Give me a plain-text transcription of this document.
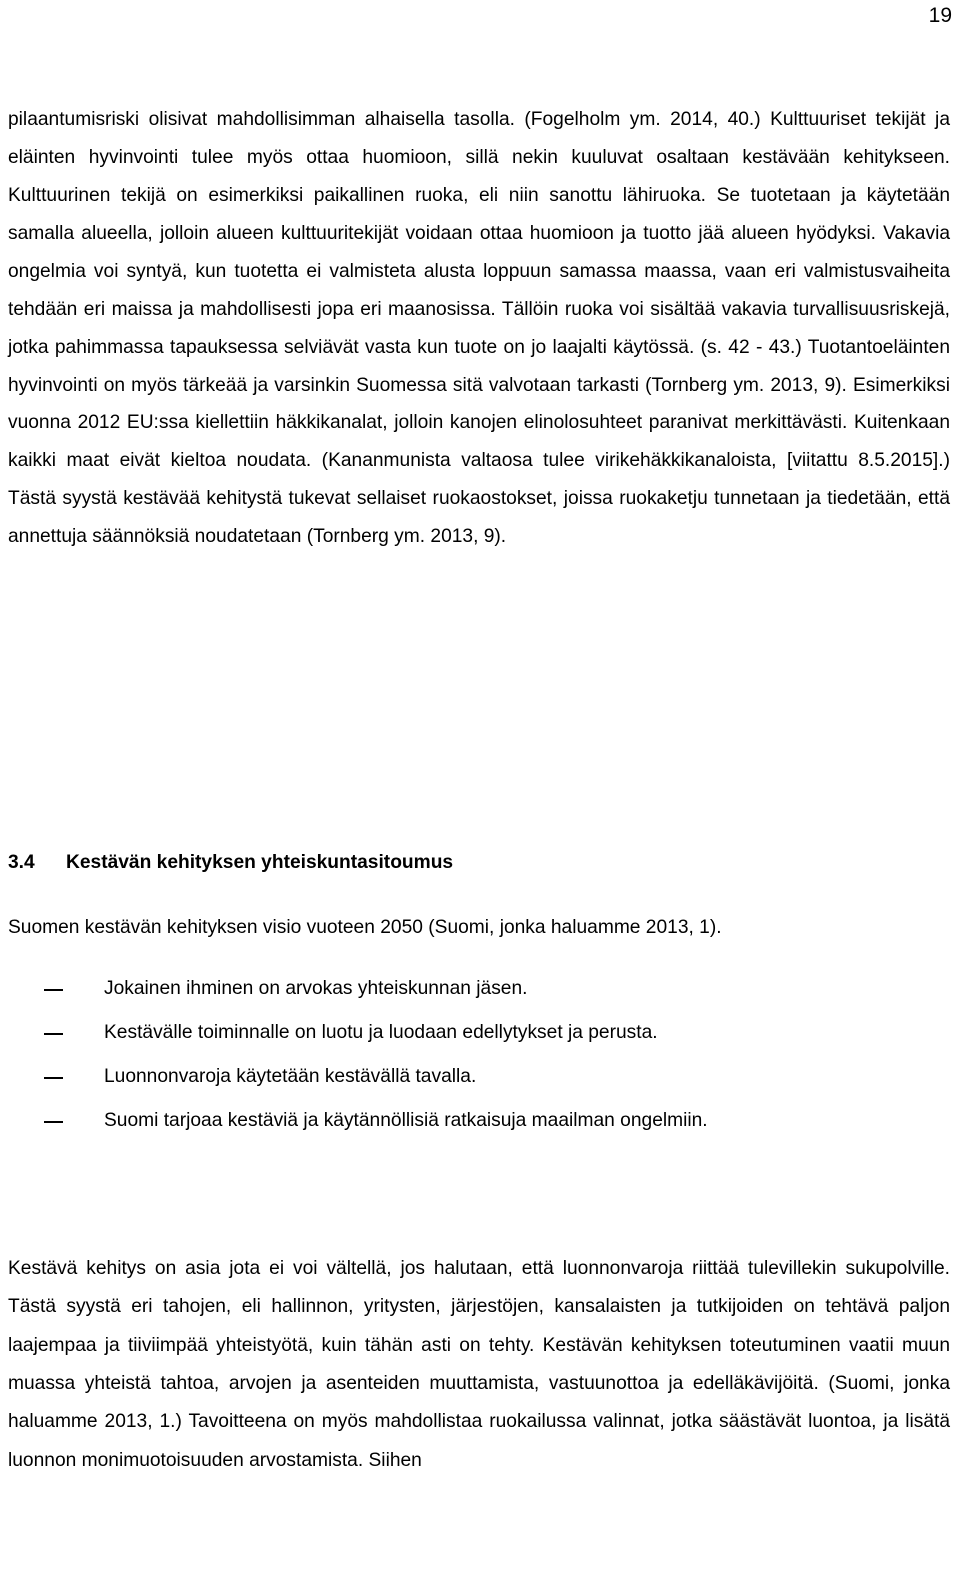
19

pilaantumisriski olisivat mahdollisimman alhaisella tasolla. (Fogelholm ym. 2014, 40.) Kulttuuriset tekijät ja eläinten hyvinvointi tulee myös ottaa huomioon, sillä nekin kuuluvat osaltaan kestävään kehitykseen. Kulttuurinen tekijä on esimerkiksi paikallinen ruoka, eli niin sanottu lähiruoka. Se tuotetaan ja käytetään samalla alueella, jolloin alueen kulttuuritekijät voidaan ottaa huomioon ja tuotto jää alueen hyödyksi. Vakavia ongelmia voi syntyä, kun tuotetta ei valmisteta alusta loppuun samassa maassa, vaan eri valmistusvaiheita tehdään eri maissa ja mahdollisesti jopa eri maanosissa. Tällöin ruoka voi sisältää vakavia turvallisuusriskejä, jotka pahimmassa tapauksessa selviävät vasta kun tuote on jo laajalti käytössä. (s. 42 - 43.) Tuotantoeläinten hyvinvointi on myös tärkeää ja varsinkin Suomessa sitä valvotaan tarkasti (Tornberg ym. 2013, 9). Esimerkiksi vuonna 2012 EU:ssa kiellettiin häkkikanalat, jolloin kanojen elinolosuhteet paranivat merkittävästi. Kuitenkaan kaikki maat eivät kieltoa noudata. (Kananmunista valtaosa tulee virikehäkkikanaloista, [viitattu 8.5.2015].) Tästä syystä kestävää kehitystä tukevat sellaiset ruokaostokset, joissa ruokaketju tunnetaan ja tiedetään, että annettuja säännöksiä noudatetaan (Tornberg ym. 2013, 9).

3.4 Kestävän kehityksen yhteiskuntasitoumus

Suomen kestävän kehityksen visio vuoteen 2050 (Suomi, jonka haluamme 2013, 1).

Jokainen ihminen on arvokas yhteiskunnan jäsen.
Kestävälle toiminnalle on luotu ja luodaan edellytykset ja perusta.
Luonnonvaroja käytetään kestävällä tavalla.
Suomi tarjoaa kestäviä ja käytännöllisiä ratkaisuja maailman ongelmiin.

Kestävä kehitys on asia jota ei voi vältellä, jos halutaan, että luonnonvaroja riittää tulevillekin sukupolville. Tästä syystä eri tahojen, eli hallinnon, yritysten, järjestöjen, kansalaisten ja tutkijoiden on tehtävä paljon laajempaa ja tiiviimpää yhteistyötä, kuin tähän asti on tehty. Kestävän kehityksen toteutuminen vaatii muun muassa yhteistä tahtoa, arvojen ja asenteiden muuttamista, vastuunottoa ja edelläkävijöitä. (Suomi, jonka haluamme 2013, 1.) Tavoitteena on myös mahdollistaa ruokailussa valinnat, jotka säästävät luontoa, ja lisätä luonnon monimuotoisuuden arvostamista. Siihen
